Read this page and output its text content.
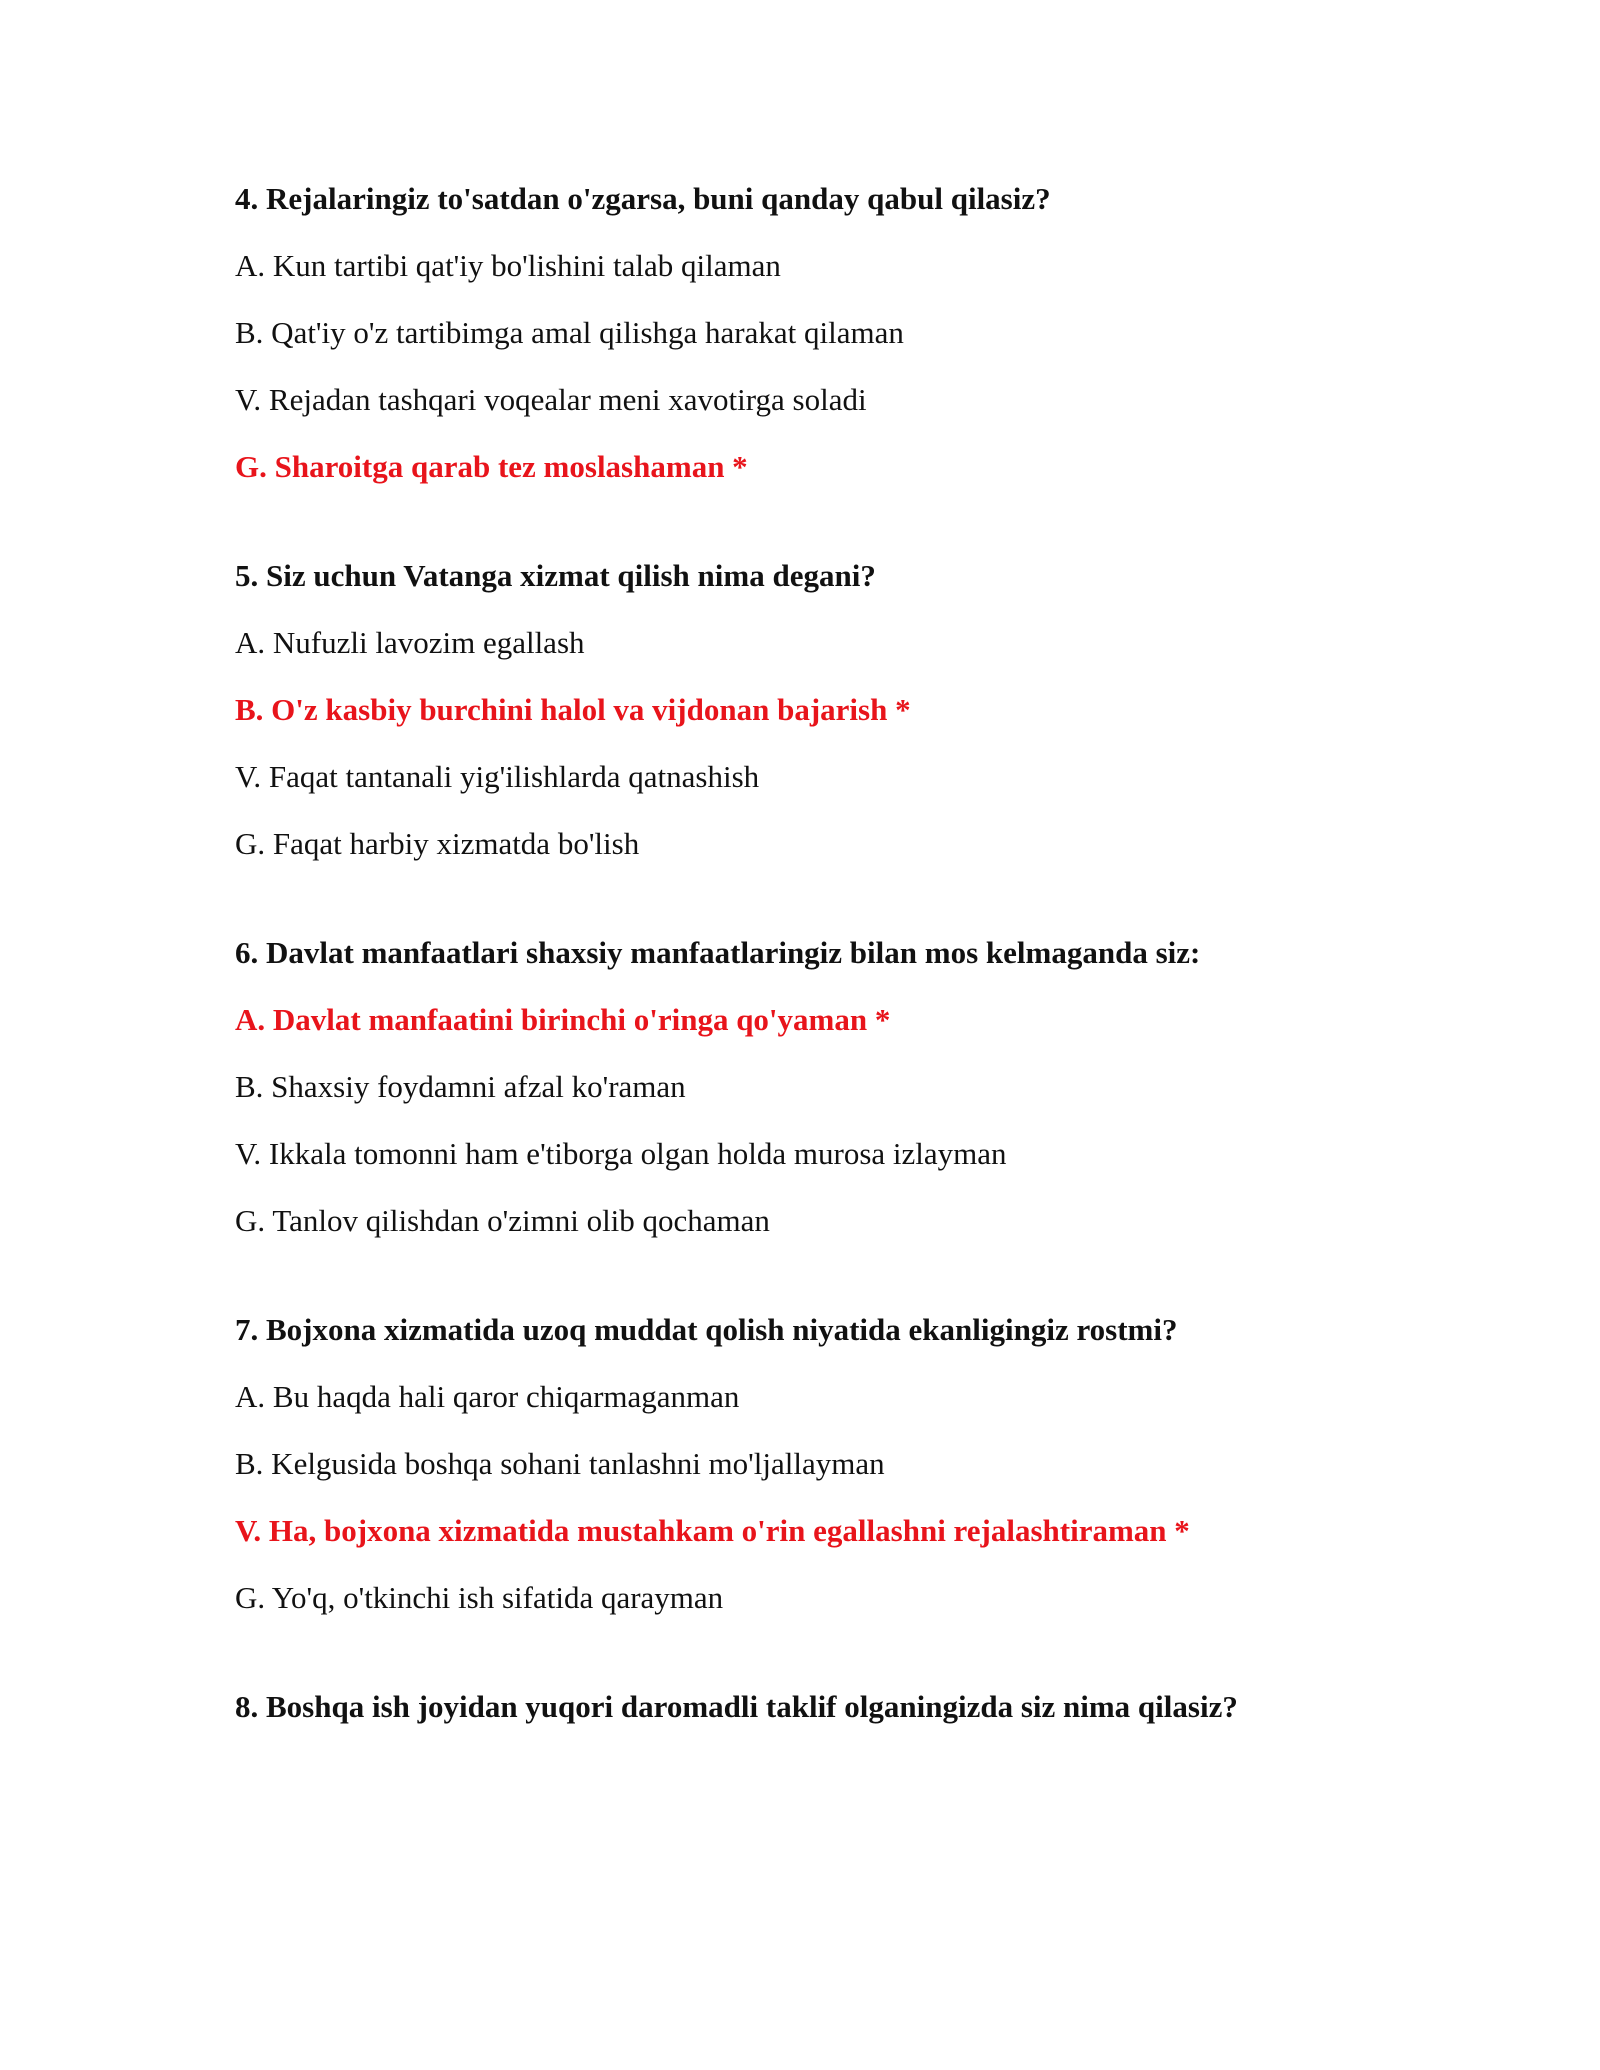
4. Rejalaringiz to'satdan o'zgarsa, buni qanday qabul qilasiz?
A. Kun tartibi qat'iy bo'lishini talab qilaman
B. Qat'iy o'z tartibimga amal qilishga harakat qilaman
V. Rejadan tashqari voqealar meni xavotirga soladi
G. Sharoitga qarab tez moslashaman *
5. Siz uchun Vatanga xizmat qilish nima degani?
A. Nufuzli lavozim egallash
B. O'z kasbiy burchini halol va vijdonan bajarish *
V. Faqat tantanali yig'ilishlarda qatnashish
G. Faqat harbiy xizmatda bo'lish
6. Davlat manfaatlari shaxsiy manfaatlaringiz bilan mos kelmaganda siz:
A. Davlat manfaatini birinchi o'ringa qo'yaman *
B. Shaxsiy foydamni afzal ko'raman
V. Ikkala tomonni ham e'tiborga olgan holda murosa izlayman
G. Tanlov qilishdan o'zimni olib qochaman
7. Bojxona xizmatida uzoq muddat qolish niyatida ekanligingiz rostmi?
A. Bu haqda hali qaror chiqarmaganman
B. Kelgusida boshqa sohani tanlashni mo'ljallayman
V. Ha, bojxona xizmatida mustahkam o'rin egallashni rejalashtiraman *
G. Yo'q, o'tkinchi ish sifatida qarayman
8. Boshqa ish joyidan yuqori daromadli taklif olganingizda siz nima qilasiz?
